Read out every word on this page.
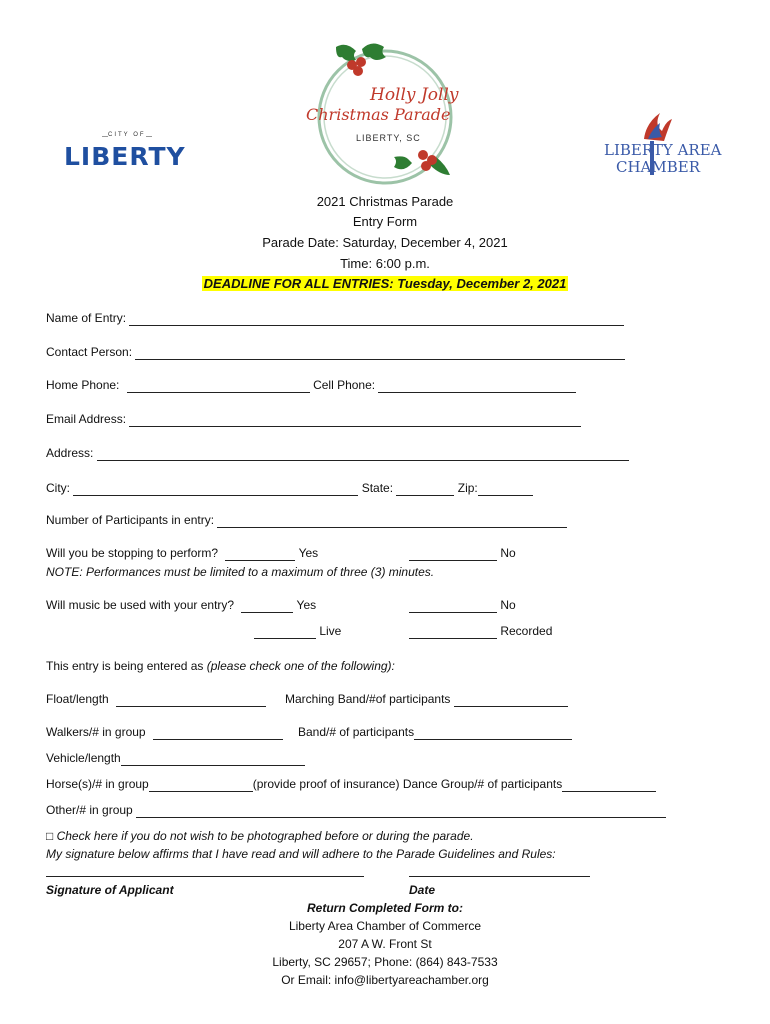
CITY OF
LIBERTY
Holly Jolly
Christmas Parade
LIBERTY, SC
LIBERTY AREA
CHAMBER
2021 Christmas Parade
Entry Form
Parade Date: Saturday, December 4, 2021
Time: 6:00 p.m.
DEADLINE FOR ALL ENTRIES: Tuesday, December 2, 2021
Name of Entry:
Contact Person:
Home Phone:	Cell Phone:
Email Address:
Address:
City:	State:	Zip:
Number of Participants in entry:
Will you be stopping to perform?	Yes	No
NOTE: Performances must be limited to a maximum of three (3) minutes.
Will music be used with your entry?	Yes	No
Live	Recorded
This entry is being entered as (please check one of the following):
Float/length	Marching Band/#of participants
Walkers/# in group	Band/# of participants
Vehicle/length
Horse(s)/# in group	(provide proof of insurance) Dance Group/# of participants
Other/# in group
□ Check here if you do not wish to be photographed before or during the parade.
My signature below affirms that I have read and will adhere to the Parade Guidelines and Rules:
Signature of Applicant	Date
Return Completed Form to:
Liberty Area Chamber of Commerce
207 A W. Front St
Liberty, SC 29657; Phone: (864) 843-7533
Or Email: info@libertyareachamber.org
